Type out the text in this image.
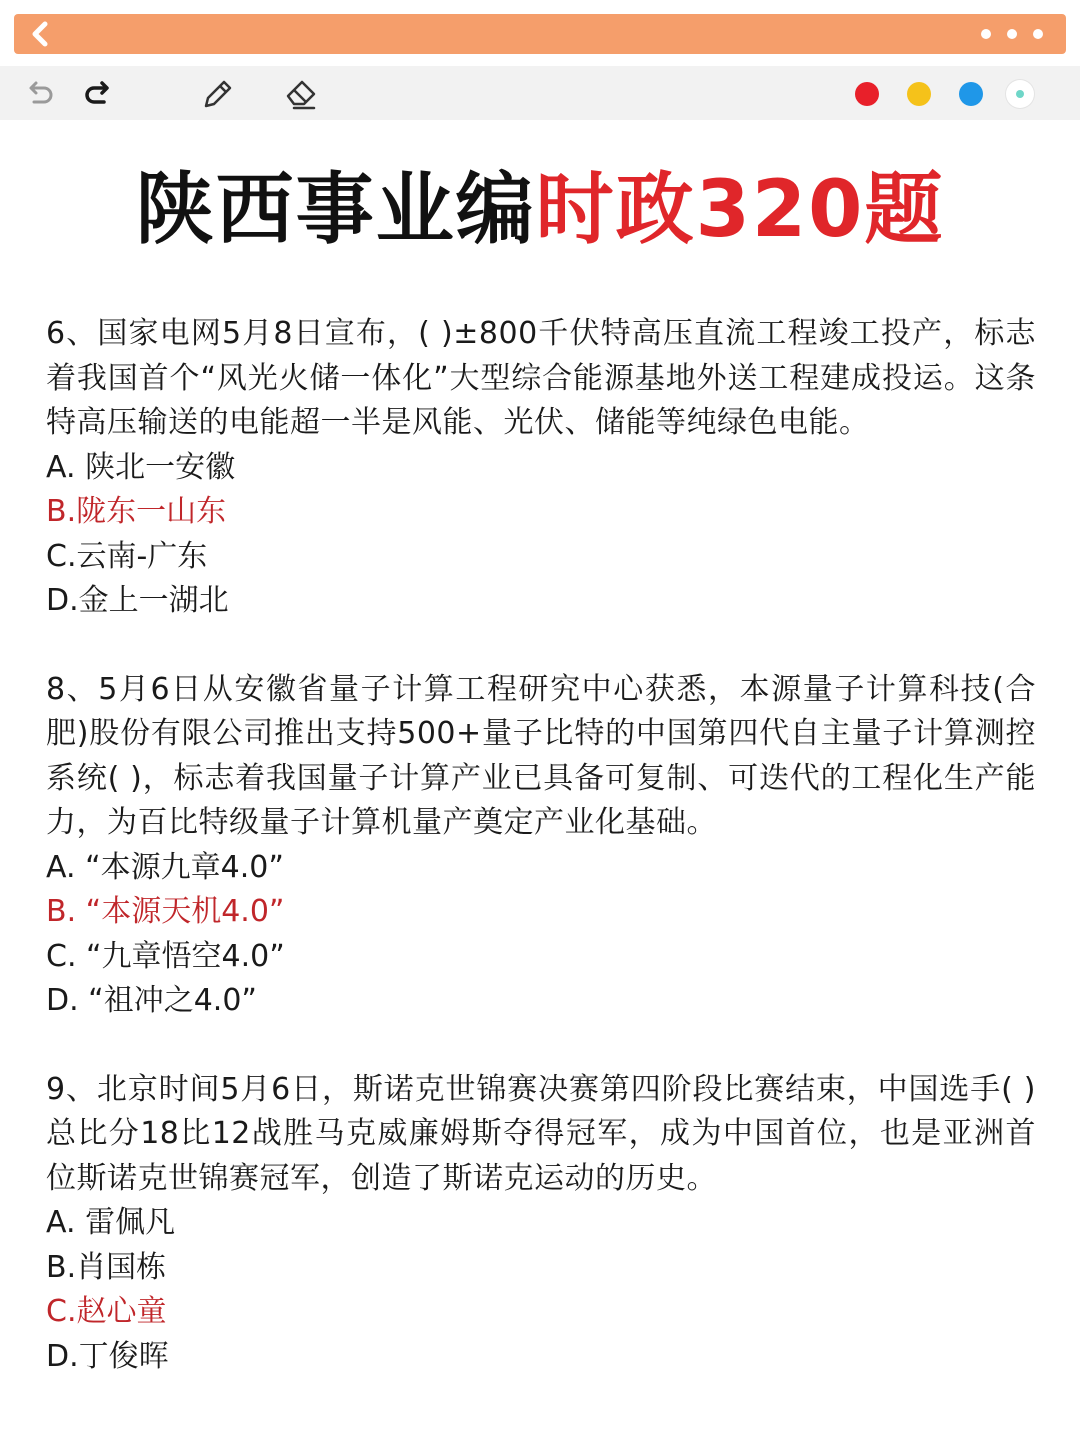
陕西事业编时政320题
6、国家电网5月8日宣布，( )±800千伏特高压直流工程竣工投产，标志着我国首个“风光火储一体化”大型综合能源基地外送工程建成投运。这条特高压输送的电能超一半是风能、光伏、储能等纯绿色电能。
A. 陕北一安徽
B.陇东一山东
C.云南-广东
D.金上一湖北
8、5月6日从安徽省量子计算工程研究中心获悉，本源量子计算科技(合肥)股份有限公司推出支持500+量子比特的中国第四代自主量子计算测控系统( )，标志着我国量子计算产业已具备可复制、可迭代的工程化生产能力，为百比特级量子计算机量产奠定产业化基础。
A. “本源九章4.0”
B. “本源天机4.0”
C. “九章悟空4.0”
D. “祖冲之4.0”
9、北京时间5月6日，斯诺克世锦赛决赛第四阶段比赛结束，中国选手( )总比分18比12战胜马克威廉姆斯夺得冠军，成为中国首位，也是亚洲首位斯诺克世锦赛冠军，创造了斯诺克运动的历史。
A. 雷佩凡
B.肖国栋
C.赵心童
D.丁俊晖
